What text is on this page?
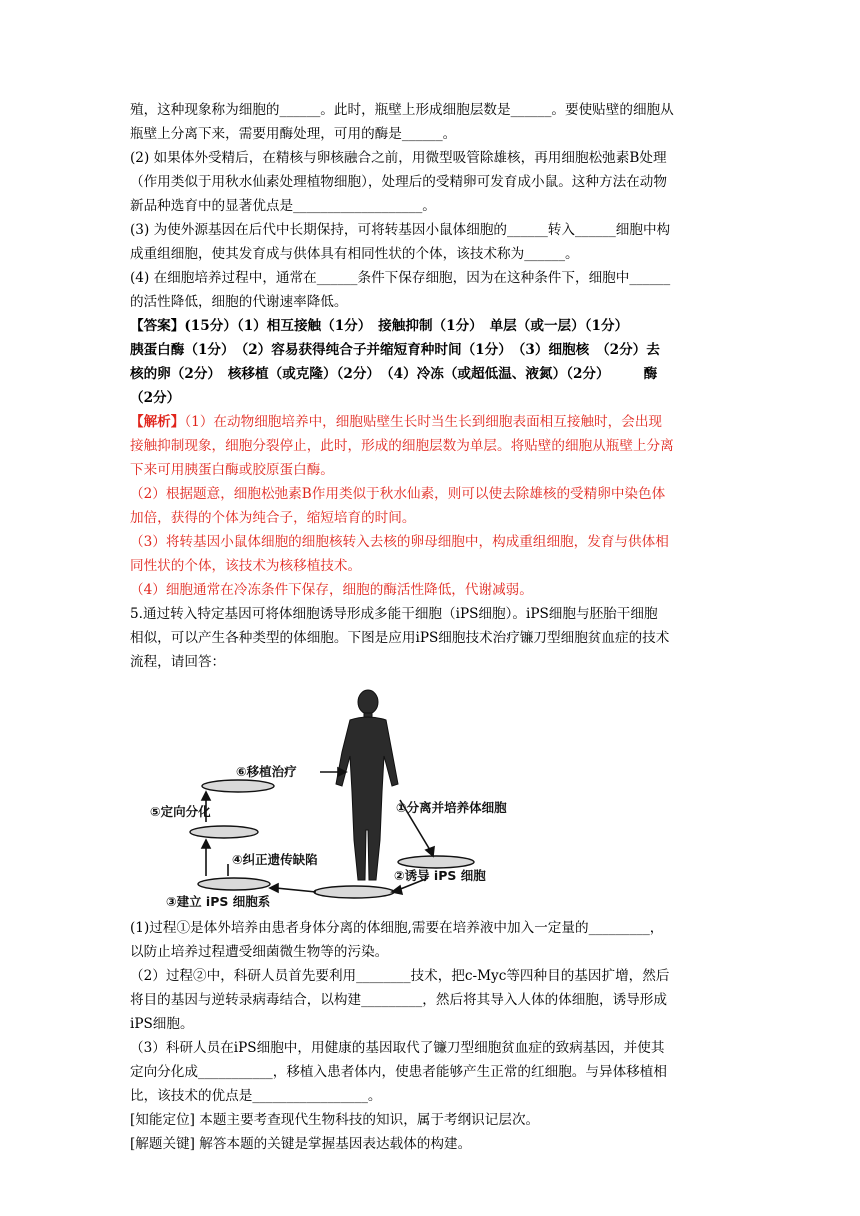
殖，这种现象称为细胞的______。此时，瓶壁上形成细胞层数是______。要使贴壁的细胞从

瓶壁上分离下来，需要用酶处理，可用的酶是______。

(2) 如果体外受精后，在精核与卵核融合之前，用微型吸管除雄核，再用细胞松弛素B处理

（作用类似于用秋水仙素处理植物细胞），处理后的受精卵可发育成小鼠。这种方法在动物

新品种选育中的显著优点是___________________。

(3) 为使外源基因在后代中长期保持，可将转基因小鼠体细胞的______转入______细胞中构

成重组细胞，使其发育成与供体具有相同性状的个体，该技术称为______。

(4) 在细胞培养过程中，通常在______条件下保存细胞，因为在这种条件下，细胞中______

的活性降低，细胞的代谢速率降低。

【答案】(15分）（1）相互接触（1分）　接触抑制（1分）　单层（或一层）（1分）

胰蛋白酶（1分）　（2）容易获得纯合子并缩短育种时间（1分）　（3）细胞核　（2分）去

核的卵（2分）　核移植（或克隆）（2分）　（4）冷冻（或超低温、液氮）（2分）　　　酶

（2分）

【解析】（1）在动物细胞培养中，细胞贴壁生长时当生长到细胞表面相互接触时，会出现

接触抑制现象，细胞分裂停止，此时，形成的细胞层数为单层。将贴壁的细胞从瓶壁上分离

下来可用胰蛋白酶或胶原蛋白酶。

（2）根据题意，细胞松弛素B作用类似于秋水仙素，则可以使去除雄核的受精卵中染色体

加倍，获得的个体为纯合子，缩短培育的时间。

（3）将转基因小鼠体细胞的细胞核转入去核的卵母细胞中，构成重组细胞，发育与供体相

同性状的个体，该技术为核移植技术。

（4）细胞通常在冷冻条件下保存，细胞的酶活性降低，代谢减弱。

5.通过转入特定基因可将体细胞诱导形成多能干细胞（iPS细胞）。iPS细胞与胚胎干细胞

相似，可以产生各种类型的体细胞。下图是应用iPS细胞技术治疗镰刀型细胞贫血症的技术

流程，请回答：

⑥移植治疗
⑤定向分化
④纠正遗传缺陷
①分离并培养体细胞
②诱导 iPS 细胞
③建立 iPS 细胞系

(1)过程①是体外培养由患者身体分离的体细胞,需要在培养液中加入一定量的_________，

以防止培养过程遭受细菌微生物等的污染。

（2）过程②中，科研人员首先要利用________技术，把c-Myc等四种目的基因扩增，然后

将目的基因与逆转录病毒结合，以构建_________，然后将其导入人体的体细胞，诱导形成

iPS细胞。

（3）科研人员在iPS细胞中，用健康的基因取代了镰刀型细胞贫血症的致病基因，并使其

定向分化成___________，移植入患者体内，使患者能够产生正常的红细胞。与异体移植相

比，该技术的优点是_________________。

[知能定位] 本题主要考查现代生物科技的知识，属于考纲识记层次。

[解题关键] 解答本题的关键是掌握基因表达载体的构建。
